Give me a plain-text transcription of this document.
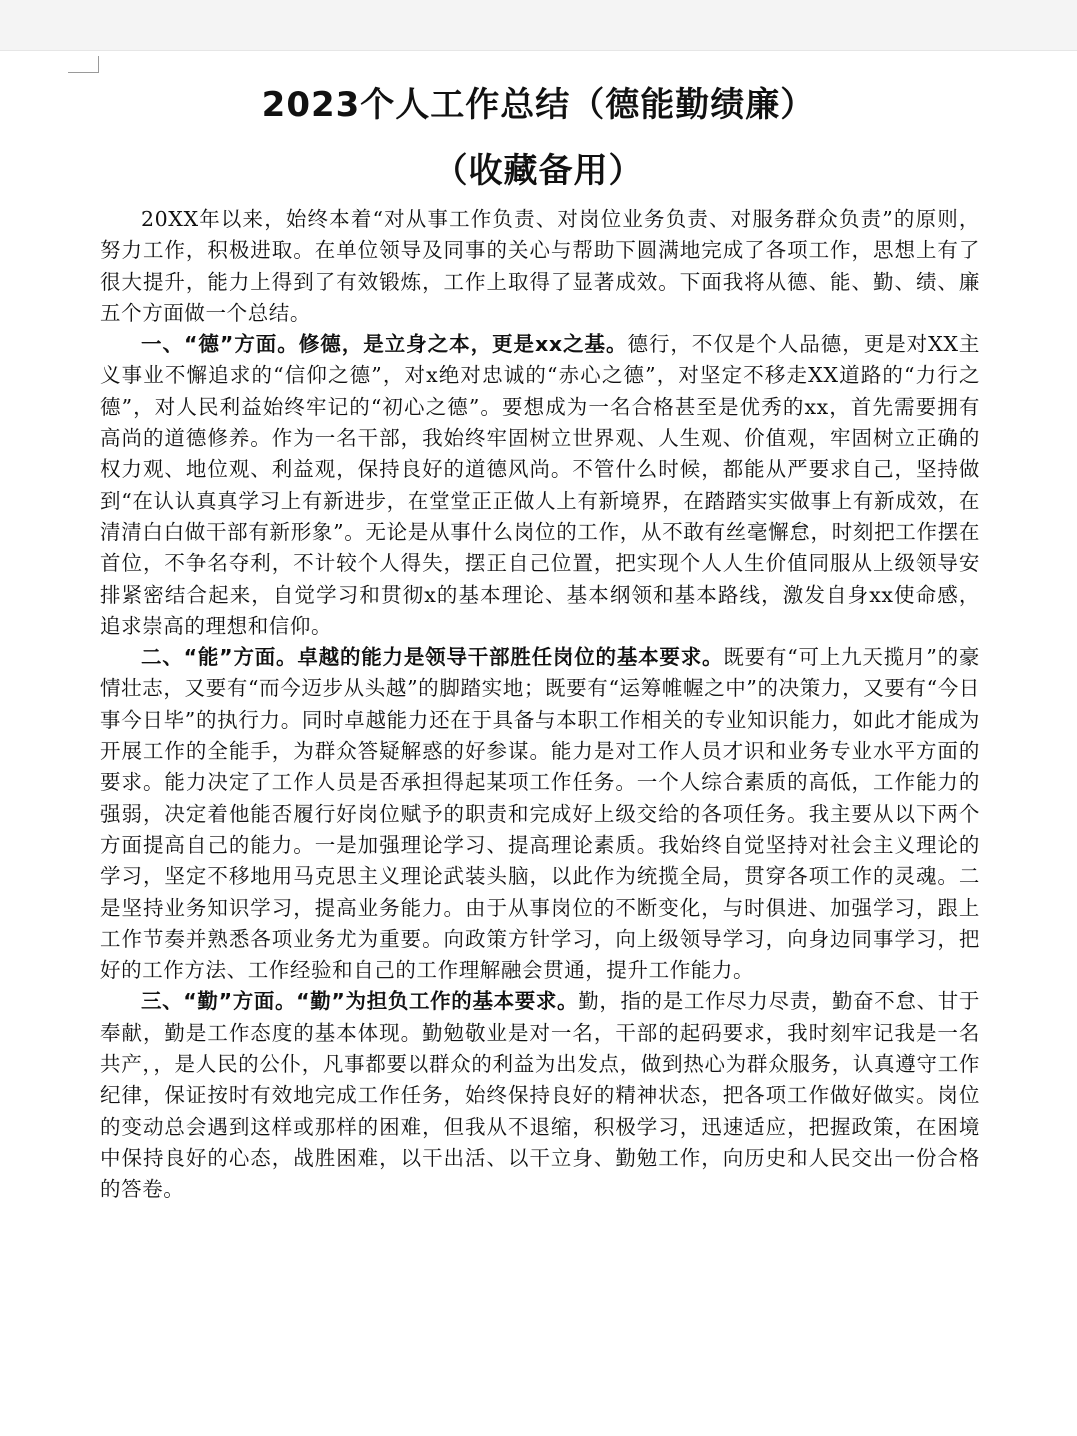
2023个人工作总结（德能勤绩廉）
（收藏备用）

20XX年以来，始终本着“对从事工作负责、对岗位业务负责、对服务群众负责”的原则，努力工作，积极进取。在单位领导及同事的关心与帮助下圆满地完成了各项工作，思想上有了很大提升，能力上得到了有效锻炼，工作上取得了显著成效。下面我将从德、能、勤、绩、廉五个方面做一个总结。

一、“德”方面。修德，是立身之本，更是xx之基。德行，不仅是个人品德，更是对XX主义事业不懈追求的“信仰之德”，对x绝对忠诚的“赤心之德”，对坚定不移走XX道路的“力行之德”，对人民利益始终牢记的“初心之德”。要想成为一名合格甚至是优秀的xx，首先需要拥有高尚的道德修养。作为一名干部，我始终牢固树立世界观、人生观、价值观，牢固树立正确的权力观、地位观、利益观，保持良好的道德风尚。不管什么时候，都能从严要求自己，坚持做到“在认认真真学习上有新进步，在堂堂正正做人上有新境界，在踏踏实实做事上有新成效，在清清白白做干部有新形象”。无论是从事什么岗位的工作，从不敢有丝毫懈怠，时刻把工作摆在首位，不争名夺利，不计较个人得失，摆正自己位置，把实现个人人生价值同服从上级领导安排紧密结合起来，自觉学习和贯彻x的基本理论、基本纲领和基本路线，激发自身xx使命感，追求崇高的理想和信仰。

二、“能”方面。卓越的能力是领导干部胜任岗位的基本要求。既要有“可上九天揽月”的豪情壮志，又要有“而今迈步从头越”的脚踏实地；既要有“运筹帷幄之中”的决策力，又要有“今日事今日毕”的执行力。同时卓越能力还在于具备与本职工作相关的专业知识能力，如此才能成为开展工作的全能手，为群众答疑解惑的好参谋。能力是对工作人员才识和业务专业水平方面的要求。能力决定了工作人员是否承担得起某项工作任务。一个人综合素质的高低，工作能力的强弱，决定着他能否履行好岗位赋予的职责和完成好上级交给的各项任务。我主要从以下两个方面提高自己的能力。一是加强理论学习、提高理论素质。我始终自觉坚持对社会主义理论的学习，坚定不移地用马克思主义理论武装头脑，以此作为统揽全局，贯穿各项工作的灵魂。二是坚持业务知识学习，提高业务能力。由于从事岗位的不断变化，与时俱进、加强学习，跟上工作节奏并熟悉各项业务尤为重要。向政策方针学习，向上级领导学习，向身边同事学习，把好的工作方法、工作经验和自己的工作理解融会贯通，提升工作能力。

三、“勤”方面。“勤”为担负工作的基本要求。勤，指的是工作尽力尽责，勤奋不怠、甘于奉献，勤是工作态度的基本体现。勤勉敬业是对一名，干部的起码要求，我时刻牢记我是一名共产，，是人民的公仆，凡事都要以群众的利益为出发点，做到热心为群众服务，认真遵守工作纪律，保证按时有效地完成工作任务，始终保持良好的精神状态，把各项工作做好做实。岗位的变动总会遇到这样或那样的困难，但我从不退缩，积极学习，迅速适应，把握政策，在困境中保持良好的心态，战胜困难，以干出活、以干立身、勤勉工作，向历史和人民交出一份合格的答卷。
